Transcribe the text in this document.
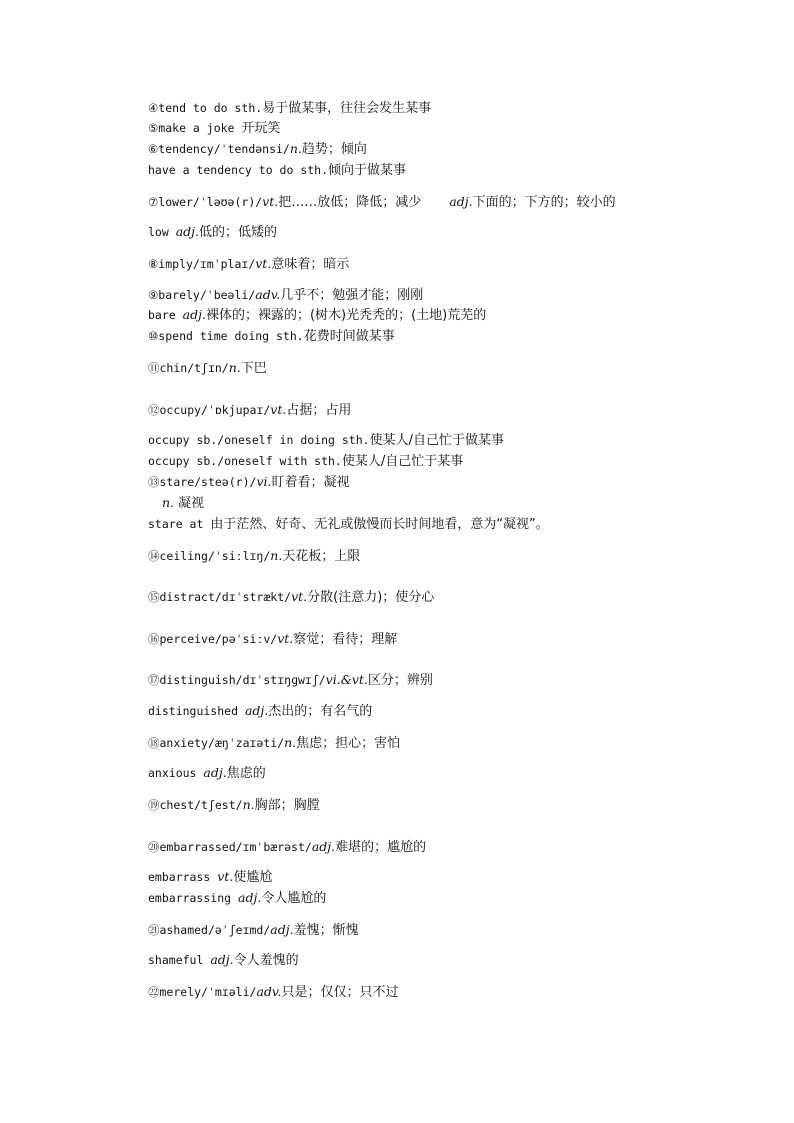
④tend to do sth.易于做某事，往往会发生某事
⑤make a joke 开玩笑
⑥tendency/ˈtendənsi/n.趋势；倾向
have a tendency to do sth.倾向于做某事
⑦lower/ˈləʊə(r)/vt.把……放低；降低；减少 adj.下面的；下方的；较小的
low adj.低的；低矮的
⑧imply/ɪmˈplaɪ/vt.意味着；暗示
⑨barely/ˈbeəli/adv.几乎不；勉强才能；刚刚
bare adj.裸体的；裸露的；(树木)光秃秃的；(土地)荒芜的
⑩spend time doing sth.花费时间做某事
⑪chin/tʃɪn/n.下巴
⑫occupy/ˈɒkjupaɪ/vt.占据；占用
occupy sb./oneself in doing sth.使某人/自己忙于做某事
occupy sb./oneself with sth.使某人/自己忙于某事
⑬stare/steə(r)/vi.盯着看；凝视
n. 凝视
stare at 由于茫然、好奇、无礼或傲慢而长时间地看，意为“凝视”。
⑭ceiling/ˈsiːlɪŋ/n.天花板；上限
⑮distract/dɪˈstrækt/vt.分散(注意力)；使分心
⑯perceive/pəˈsiːv/vt.察觉；看待；理解
⑰distinguish/dɪˈstɪŋɡwɪʃ/vi.&vt.区分；辨别
distinguished adj.杰出的；有名气的
⑱anxiety/æŋˈzaɪəti/n.焦虑；担心；害怕
anxious adj.焦虑的
⑲chest/tʃest/n.胸部；胸膛
⑳embarrassed/ɪmˈbærəst/adj.难堪的；尴尬的
embarrass vt.使尴尬
embarrassing adj.令人尴尬的
㉑ashamed/əˈʃeɪmd/adj.羞愧；惭愧
shameful adj.令人羞愧的
㉒merely/ˈmɪəli/adv.只是；仅仅；只不过
